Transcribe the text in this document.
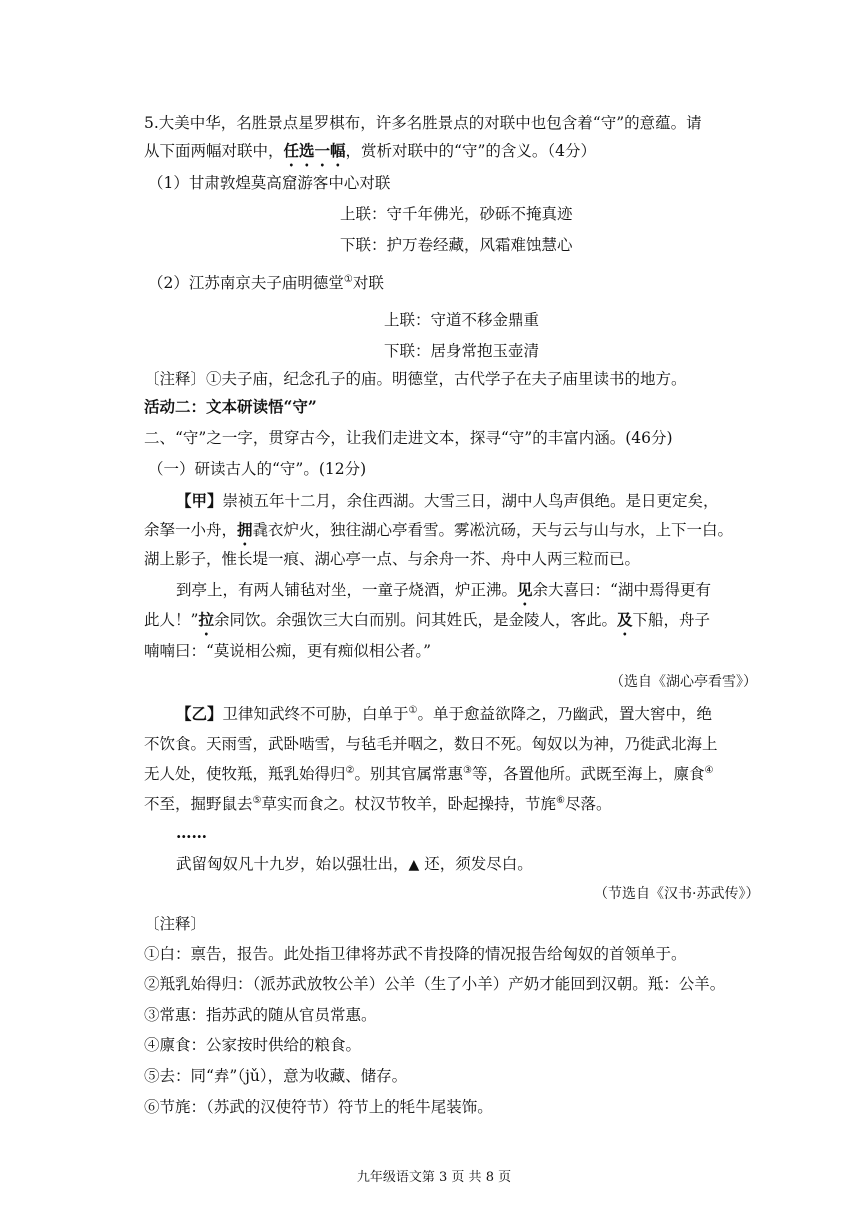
5.大美中华，名胜景点星罗棋布，许多名胜景点的对联中也包含着“守”的意蕴。请
从下面两幅对联中，任选一幅，赏析对联中的“守”的含义。（4分）
（1）甘肃敦煌莫高窟游客中心对联
上联：守千年佛光，砂砾不掩真迹
下联：护万卷经藏，风霜难蚀慧心
（2）江苏南京夫子庙明德堂①对联
上联：守道不移金鼎重
下联：居身常抱玉壶清
〔注释〕①夫子庙，纪念孔子的庙。明德堂，古代学子在夫子庙里读书的地方。
活动二：文本研读悟“守”
二、“守”之一字，贯穿古今，让我们走进文本，探寻“守”的丰富内涵。(46分)
（一）研读古人的“守”。(12分)
【甲】崇祯五年十二月，余住西湖。大雪三日，湖中人鸟声俱绝。是日更定矣，
余拏一小舟，拥毳衣炉火，独往湖心亭看雪。雾凇沆砀，天与云与山与水，上下一白。
湖上影子，惟长堤一痕、湖心亭一点、与余舟一芥、舟中人两三粒而已。
到亭上，有两人铺毡对坐，一童子烧酒，炉正沸。见余大喜曰：“湖中焉得更有
此人！”拉余同饮。余强饮三大白而别。问其姓氏，是金陵人，客此。及下船，舟子
喃喃曰：“莫说相公痴，更有痴似相公者。”
（选自《湖心亭看雪》）
【乙】卫律知武终不可胁，白单于①。单于愈益欲降之，乃幽武，置大窖中，绝
不饮食。天雨雪，武卧啮雪，与毡毛并咽之，数日不死。匈奴以为神，乃徙武北海上
无人处，使牧羝，羝乳始得归②。别其官属常惠③等，各置他所。武既至海上，廪食④
不至，掘野鼠去⑤草实而食之。杖汉节牧羊，卧起操持，节旄⑥尽落。
……
武留匈奴凡十九岁，始以强壮出，▲ 还，须发尽白。
（节选自《汉书·苏武传》）
〔注释〕
①白：禀告，报告。此处指卫律将苏武不肯投降的情况报告给匈奴的首领单于。
②羝乳始得归：（派苏武放牧公羊）公羊（生了小羊）产奶才能回到汉朝。羝：公羊。
③常惠：指苏武的随从官员常惠。
④廪食：公家按时供给的粮食。
⑤去：同“弆”（jǔ），意为收藏、储存。
⑥节旄：（苏武的汉使符节）符节上的牦牛尾装饰。
九年级语文第 3 页 共 8 页
